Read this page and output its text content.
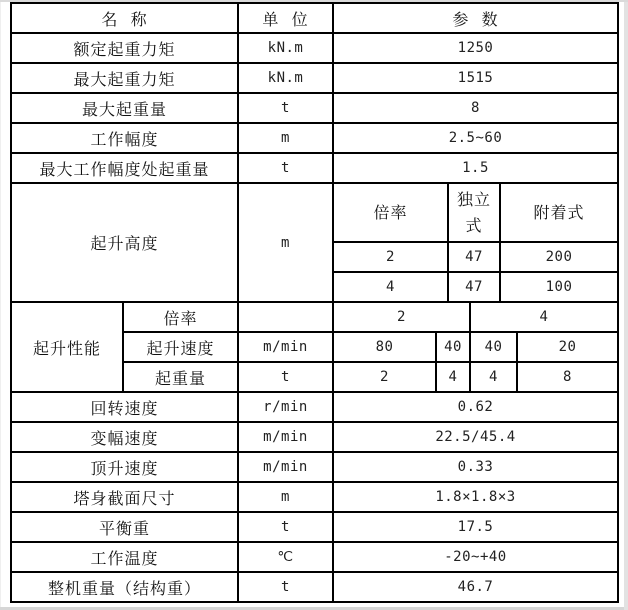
名  称		单  位	参  数					
额定起重力矩		kN.m	1250					
最大起重力矩		kN.m	1515					
最大起重量		t	8					
工作幅度		m	2.5~60					
最大工作幅度处起重量		t	1.5					
起升高度		m	倍率		独立式		附着式	
			2		47		200	
			4		47		100	
起升性能	倍率		2			4		
	起升速度	m/min	80	40		40		20
	起重量	t	2	4		4		8
回转速度		r/min	0.62					
变幅速度		m/min	22.5/45.4					
顶升速度		m/min	0.33					
塔身截面尺寸		m	1.8×1.8×3					
平衡重		t	17.5					
工作温度		℃	-20~+40					
整机重量（结构重）		t	46.7					
